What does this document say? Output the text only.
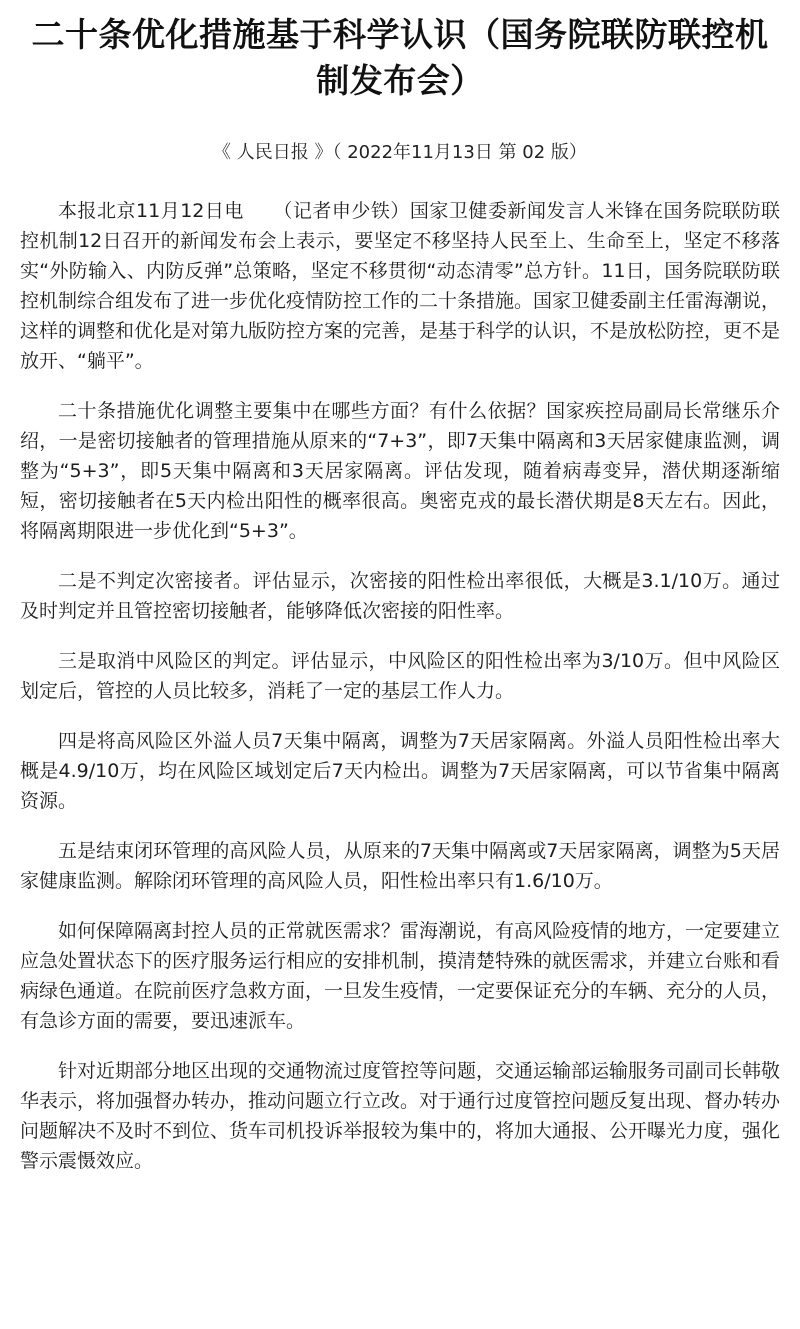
二十条优化措施基于科学认识（国务院联防联控机制发布会）
《 人民日报 》（ 2022年11月13日 第 02 版）

本报北京11月12日电　　（记者申少铁）国家卫健委新闻发言人米锋在国务院联防联控机制12日召开的新闻发布会上表示，要坚定不移坚持人民至上、生命至上，坚定不移落实“外防输入、内防反弹”总策略，坚定不移贯彻“动态清零”总方针。11日，国务院联防联控机制综合组发布了进一步优化疫情防控工作的二十条措施。国家卫健委副主任雷海潮说，这样的调整和优化是对第九版防控方案的完善，是基于科学的认识，不是放松防控，更不是放开、“躺平”。

二十条措施优化调整主要集中在哪些方面？有什么依据？国家疾控局副局长常继乐介绍，一是密切接触者的管理措施从原来的“7+3”，即7天集中隔离和3天居家健康监测，调整为“5+3”，即5天集中隔离和3天居家隔离。评估发现，随着病毒变异，潜伏期逐渐缩短，密切接触者在5天内检出阳性的概率很高。奥密克戎的最长潜伏期是8天左右。因此，将隔离期限进一步优化到“5+3”。

二是不判定次密接者。评估显示，次密接的阳性检出率很低，大概是3.1/10万。通过及时判定并且管控密切接触者，能够降低次密接的阳性率。

三是取消中风险区的判定。评估显示，中风险区的阳性检出率为3/10万。但中风险区划定后，管控的人员比较多，消耗了一定的基层工作人力。

四是将高风险区外溢人员7天集中隔离，调整为7天居家隔离。外溢人员阳性检出率大概是4.9/10万，均在风险区域划定后7天内检出。调整为7天居家隔离，可以节省集中隔离资源。

五是结束闭环管理的高风险人员，从原来的7天集中隔离或7天居家隔离，调整为5天居家健康监测。解除闭环管理的高风险人员，阳性检出率只有1.6/10万。

如何保障隔离封控人员的正常就医需求？雷海潮说，有高风险疫情的地方，一定要建立应急处置状态下的医疗服务运行相应的安排机制，摸清楚特殊的就医需求，并建立台账和看病绿色通道。在院前医疗急救方面，一旦发生疫情，一定要保证充分的车辆、充分的人员，有急诊方面的需要，要迅速派车。

针对近期部分地区出现的交通物流过度管控等问题，交通运输部运输服务司副司长韩敬华表示，将加强督办转办，推动问题立行立改。对于通行过度管控问题反复出现、督办转办问题解决不及时不到位、货车司机投诉举报较为集中的，将加大通报、公开曝光力度，强化警示震慑效应。
